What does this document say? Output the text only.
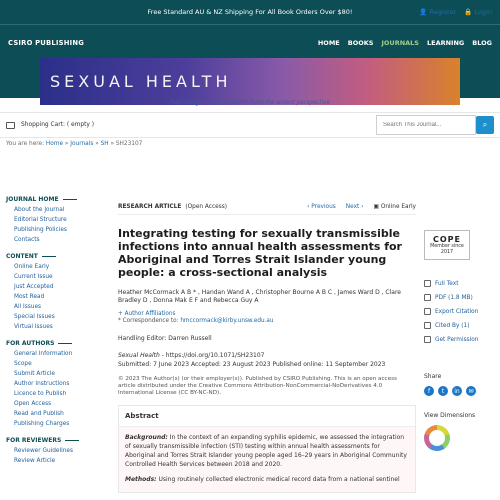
Free Standard AU & NZ Shipping For All Book Orders Over $80!	👤 Register 🔒 Login
CSIRO PUBLISHING	HOME BOOKS JOURNALS LEARNING BLOG
SEXUAL HEALTH
Publishing on sexual health from the widest perspective
Shopping Cart: ( empty )
Search This Journal...	⌕
You are here: Home » Journals » SH » SH23107
JOURNAL HOME
About the Journal
Editorial Structure
Publishing Policies
Contacts
CONTENT
Online Early
Current Issue
Just Accepted
Most Read
All Issues
Special Issues
Virtual Issues
FOR AUTHORS
General Information
Scope
Submit Article
Author Instructions
Licence to Publish
Open Access
Read and Publish
Publishing Charges
FOR REVIEWERS
Reviewer Guidelines
Review Article
RESEARCH ARTICLE (Open Access)	‹ Previous Next › ▣ Online Early
Integrating testing for sexually transmissible infections into annual health assessments for Aboriginal and Torres Strait Islander young people: a cross-sectional analysis
Heather McCormack A B * , Handan Wand A , Christopher Bourne A B C , James Ward D , Clare Bradley D , Donna Mak E F and Rebecca Guy A
+ Author Affiliations
* Correspondence to: hmccormack@kirby.unsw.edu.au
Handling Editor: Darren Russell
Sexual Health - https://doi.org/10.1071/SH23107
Submitted: 7 June 2023 Accepted: 23 August 2023 Published online: 11 September 2023
© 2023 The Author(s) (or their employer(s)). Published by CSIRO Publishing. This is an open access article distributed under the Creative Commons Attribution-NonCommercial-NoDerivatives 4.0 International License (CC BY-NC-ND).
Abstract

Background: In the context of an expanding syphilis epidemic, we assessed the integration of sexually transmissible infection (STI) testing within annual health assessments for Aboriginal and Torres Strait Islander young people aged 16–29 years in Aboriginal Community Controlled Health Services between 2018 and 2020.

Methods: Using routinely collected electronic medical record data from a national sentinel

COPE
Member since 2017
Full Text
PDF (1.8 MB)
Export Citation
Cited By (1)
Get Permission
Share
f	t	in	✉
View Dimensions
